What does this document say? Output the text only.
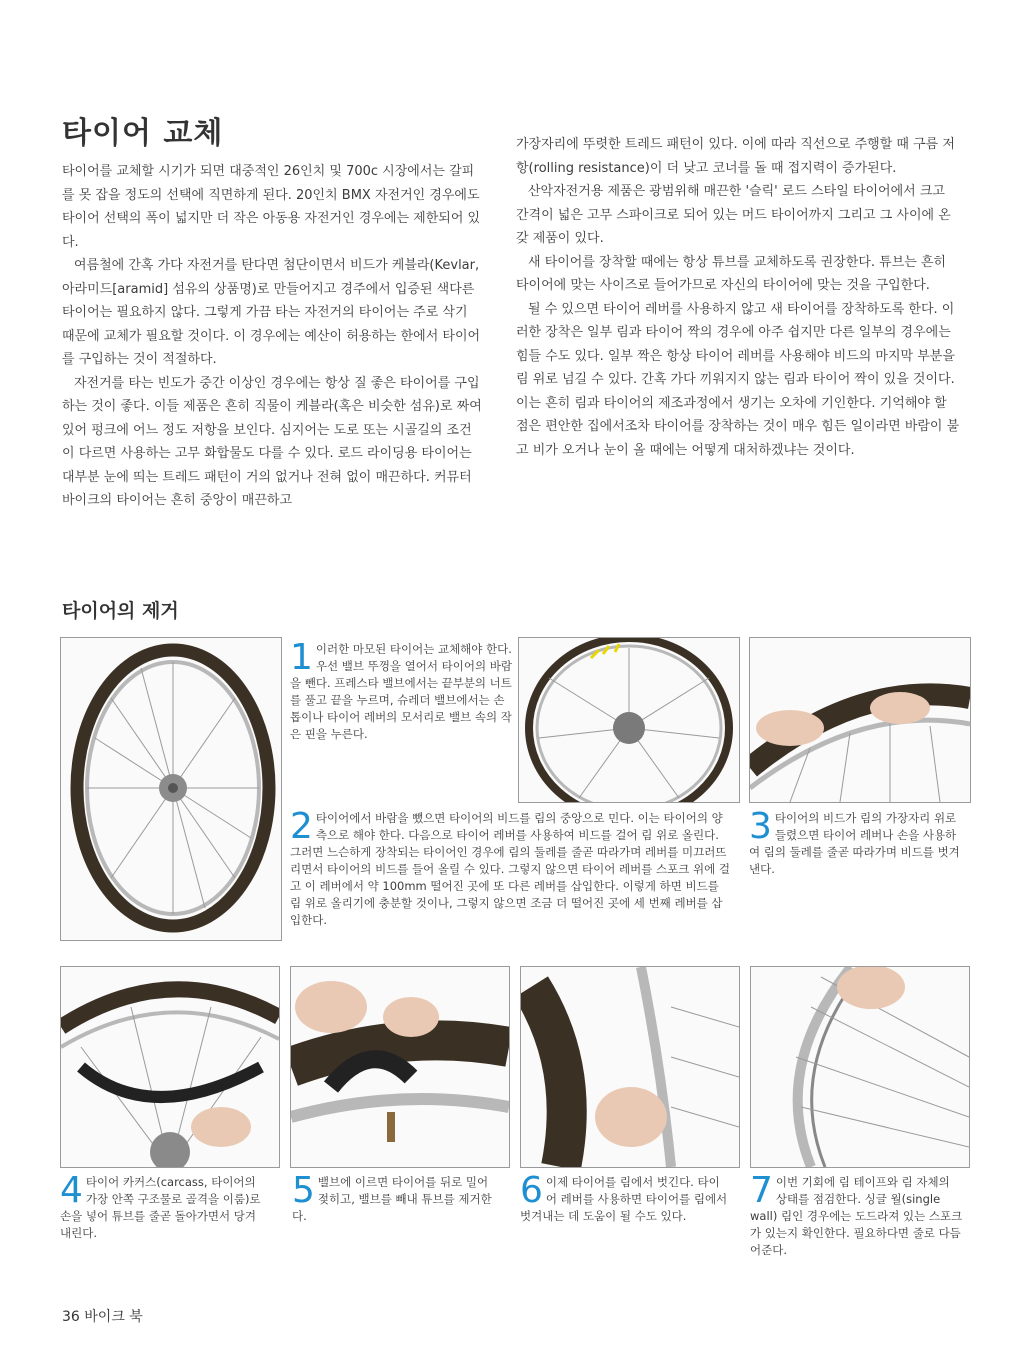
타이어 교체

타이어를 교체할 시기가 되면 대중적인 26인치 및 700c 시장에서는 갈피를 못 잡을 정도의 선택에 직면하게 된다. 20인치 BMX 자전거인 경우에도 타이어 선택의 폭이 넓지만 더 작은 아동용 자전거인 경우에는 제한되어 있다.

여름철에 간혹 가다 자전거를 탄다면 첨단이면서 비드가 케블라(Kevlar, 아라미드[aramid] 섬유의 상품명)로 만들어지고 경주에서 입증된 색다른 타이어는 필요하지 않다. 그렇게 가끔 타는 자전거의 타이어는 주로 삭기 때문에 교체가 필요할 것이다. 이 경우에는 예산이 허용하는 한에서 타이어를 구입하는 것이 적절하다.

자전거를 타는 빈도가 중간 이상인 경우에는 항상 질 좋은 타이어를 구입하는 것이 좋다. 이들 제품은 흔히 직물이 케블라(혹은 비슷한 섬유)로 짜여 있어 펑크에 어느 정도 저항을 보인다. 심지어는 도로 또는 시골길의 조건이 다르면 사용하는 고무 화합물도 다를 수 있다. 로드 라이딩용 타이어는 대부분 눈에 띄는 트레드 패턴이 거의 없거나 전혀 없이 매끈하다. 커뮤터 바이크의 타이어는 흔히 중앙이 매끈하고

가장자리에 뚜렷한 트레드 패턴이 있다. 이에 따라 직선으로 주행할 때 구름 저항(rolling resistance)이 더 낮고 코너를 돌 때 접지력이 증가된다.

산악자전거용 제품은 광범위해 매끈한 '슬릭' 로드 스타일 타이어에서 크고 간격이 넓은 고무 스파이크로 되어 있는 머드 타이어까지 그리고 그 사이에 온갖 제품이 있다.

새 타이어를 장착할 때에는 항상 튜브를 교체하도록 권장한다. 튜브는 흔히 타이어에 맞는 사이즈로 들어가므로 자신의 타이어에 맞는 것을 구입한다.

될 수 있으면 타이어 레버를 사용하지 않고 새 타이어를 장착하도록 한다. 이러한 장착은 일부 림과 타이어 짝의 경우에 아주 쉽지만 다른 일부의 경우에는 힘들 수도 있다. 일부 짝은 항상 타이어 레버를 사용해야 비드의 마지막 부분을 림 위로 넘길 수 있다. 간혹 가다 끼워지지 않는 림과 타이어 짝이 있을 것이다. 이는 흔히 림과 타이어의 제조과정에서 생기는 오차에 기인한다. 기억해야 할 점은 편안한 집에서조차 타이어를 장착하는 것이 매우 힘든 일이라면 바람이 불고 비가 오거나 눈이 올 때에는 어떻게 대처하겠냐는 것이다.

타이어의 제거
1 이러한 마모된 타이어는 교체해야 한다. 우선 밸브 뚜껑을 열어서 타이어의 바람을 뺀다. 프레스타 밸브에서는 끝부분의 너트를 풀고 끝을 누르며, 슈레더 밸브에서는 손톱이나 타이어 레버의 모서리로 밸브 속의 작은 핀을 누른다.
2 타이어에서 바람을 뺐으면 타이어의 비드를 림의 중앙으로 민다. 이는 타이어의 양측으로 해야 한다. 다음으로 타이어 레버를 사용하여 비드를 걸어 림 위로 올린다. 그러면 느슨하게 장착되는 타이어인 경우에 림의 둘레를 줄곧 따라가며 레버를 미끄러뜨리면서 타이어의 비드를 들어 올릴 수 있다. 그렇지 않으면 타이어 레버를 스포크 위에 걸고 이 레버에서 약 100mm 떨어진 곳에 또 다른 레버를 삽입한다. 이렇게 하면 비드를 림 위로 올리기에 충분할 것이나, 그렇지 않으면 조금 더 떨어진 곳에 세 번째 레버를 삽입한다.
3 타이어의 비드가 림의 가장자리 위로 들렸으면 타이어 레버나 손을 사용하여 림의 둘레를 줄곧 따라가며 비드를 벗겨낸다.
4 타이어 카커스(carcass, 타이어의 가장 안쪽 구조물로 골격을 이룸)로 손을 넣어 튜브를 줄곧 돌아가면서 당겨 내린다.
5 밸브에 이르면 타이어를 뒤로 밀어젖히고, 밸브를 빼내 튜브를 제거한다.
6 이제 타이어를 림에서 벗긴다. 타이어 레버를 사용하면 타이어를 림에서 벗겨내는 데 도움이 될 수도 있다.
7 이번 기회에 림 테이프와 림 자체의 상태를 점검한다. 싱글 월(single wall) 림인 경우에는 도드라져 있는 스포크가 있는지 확인한다. 필요하다면 줄로 다듬어준다.
36 바이크 북
